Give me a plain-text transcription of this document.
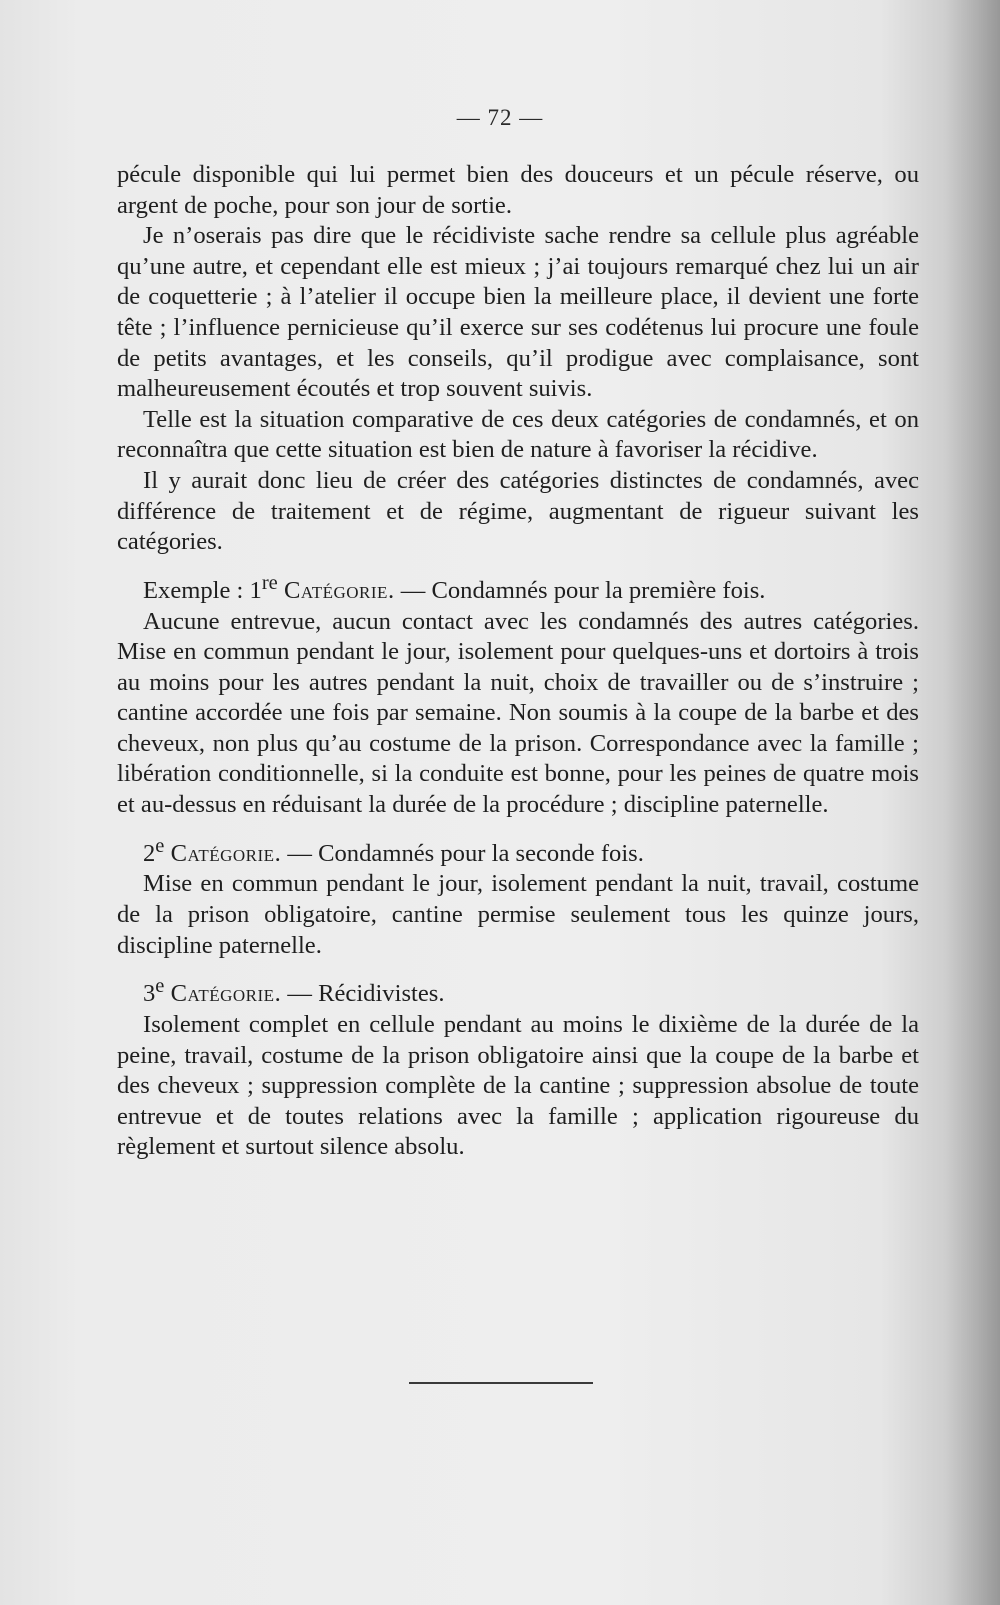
— 72 —

pécule disponible qui lui permet bien des douceurs et un pécule réserve, ou argent de poche, pour son jour de sortie.

Je n’oserais pas dire que le récidiviste sache rendre sa cellule plus agréable qu’une autre, et cependant elle est mieux ; j’ai toujours remarqué chez lui un air de coquetterie ; à l’atelier il occupe bien la meilleure place, il devient une forte tête ; l’influence pernicieuse qu’il exerce sur ses codétenus lui procure une foule de petits avantages, et les conseils, qu’il prodigue avec complaisance, sont malheureusement écoutés et trop souvent suivis.

Telle est la situation comparative de ces deux catégories de condamnés, et on reconnaîtra que cette situation est bien de nature à favoriser la récidive.

Il y aurait donc lieu de créer des catégories distinctes de condamnés, avec différence de traitement et de régime, augmentant de rigueur suivant les catégories.

Exemple : 1re Catégorie. — Condamnés pour la première fois.

Aucune entrevue, aucun contact avec les condamnés des autres catégories. Mise en commun pendant le jour, isolement pour quelques-uns et dortoirs à trois au moins pour les autres pendant la nuit, choix de travailler ou de s’instruire ; cantine accordée une fois par semaine. Non soumis à la coupe de la barbe et des cheveux, non plus qu’au costume de la prison. Correspondance avec la famille ; libération conditionnelle, si la conduite est bonne, pour les peines de quatre mois et au-dessus en réduisant la durée de la procédure ; discipline paternelle.

2e Catégorie. — Condamnés pour la seconde fois.

Mise en commun pendant le jour, isolement pendant la nuit, travail, costume de la prison obligatoire, cantine permise seulement tous les quinze jours, discipline paternelle.

3e Catégorie. — Récidivistes.

Isolement complet en cellule pendant au moins le dixième de la durée de la peine, travail, costume de la prison obligatoire ainsi que la coupe de la barbe et des cheveux ; suppression complète de la cantine ; suppression absolue de toute entrevue et de toutes relations avec la famille ; application rigoureuse du règlement et surtout silence absolu.
